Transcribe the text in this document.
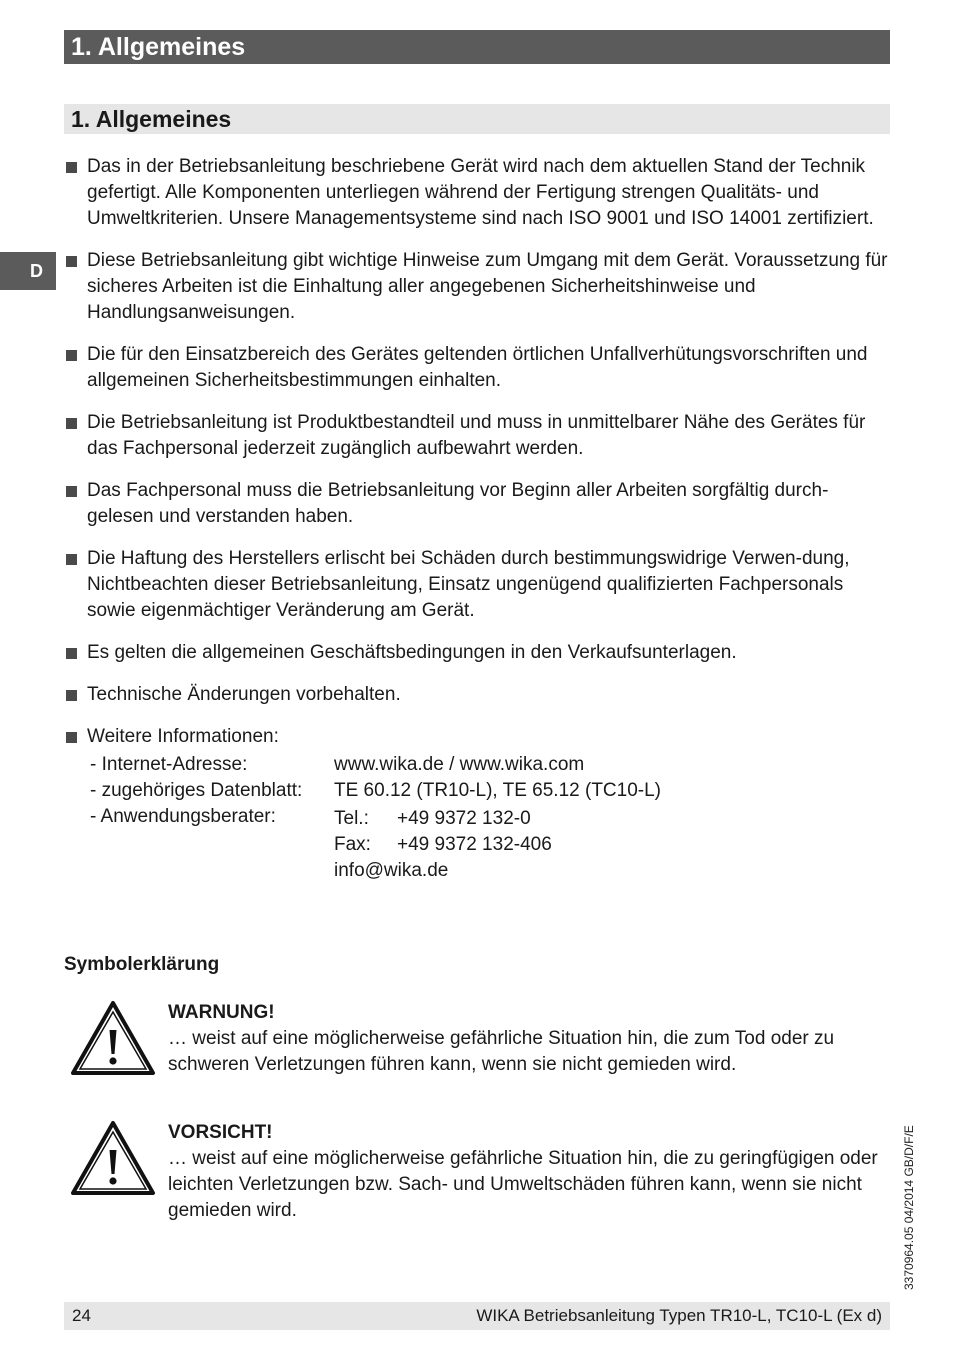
1. Allgemeines
D
1. Allgemeines
Das in der Betriebsanleitung beschriebene Gerät wird nach dem aktuellen Stand der Technik gefertigt. Alle Komponenten unterliegen während der Fertigung strengen Qualitäts- und Umweltkriterien. Unsere Managementsysteme sind nach ISO 9001 und ISO 14001 zertifiziert.
Diese Betriebsanleitung gibt wichtige Hinweise zum Umgang mit dem Gerät. Voraussetzung für sicheres Arbeiten ist die Einhaltung aller angegebenen Sicherheitshinweise und Handlungsanweisungen.
Die für den Einsatzbereich des Gerätes geltenden örtlichen Unfallverhütungsvorschriften und allgemeinen Sicherheitsbestimmungen einhalten.
Die Betriebsanleitung ist Produktbestandteil und muss in unmittelbarer Nähe des Gerätes für das Fachpersonal jederzeit zugänglich aufbewahrt werden.
Das Fachpersonal muss die Betriebsanleitung vor Beginn aller Arbeiten sorgfältig durch-gelesen und verstanden haben.
Die Haftung des Herstellers erlischt bei Schäden durch bestimmungswidrige Verwen-dung, Nichtbeachten dieser Betriebsanleitung, Einsatz ungenügend qualifizierten Fachpersonals sowie eigenmächtiger Veränderung am Gerät.
Es gelten die allgemeinen Geschäftsbedingungen in den Verkaufsunterlagen.
Technische Änderungen vorbehalten.
Weitere Informationen:
- Internet-Adresse:	www.wika.de / www.wika.com
- zugehöriges Datenblatt:	TE 60.12 (TR10-L), TE 65.12 (TC10-L)
- Anwendungsberater:	Tel.:	+49 9372 132-0
Fax:	+49 9372 132-406
info@wika.de
Symbolerklärung
WARNUNG!
… weist auf eine möglicherweise gefährliche Situation hin, die zum Tod oder zu schweren Verletzungen führen kann, wenn sie nicht gemieden wird.
VORSICHT!
… weist auf eine möglicherweise gefährliche Situation hin, die zu geringfügigen oder leichten Verletzungen bzw. Sach- und Umweltschäden führen kann, wenn sie nicht gemieden wird.	3370964.05 04/2014 GB/D/F/E
24	WIKA Betriebsanleitung Typen TR10-L, TC10-L (Ex d)
